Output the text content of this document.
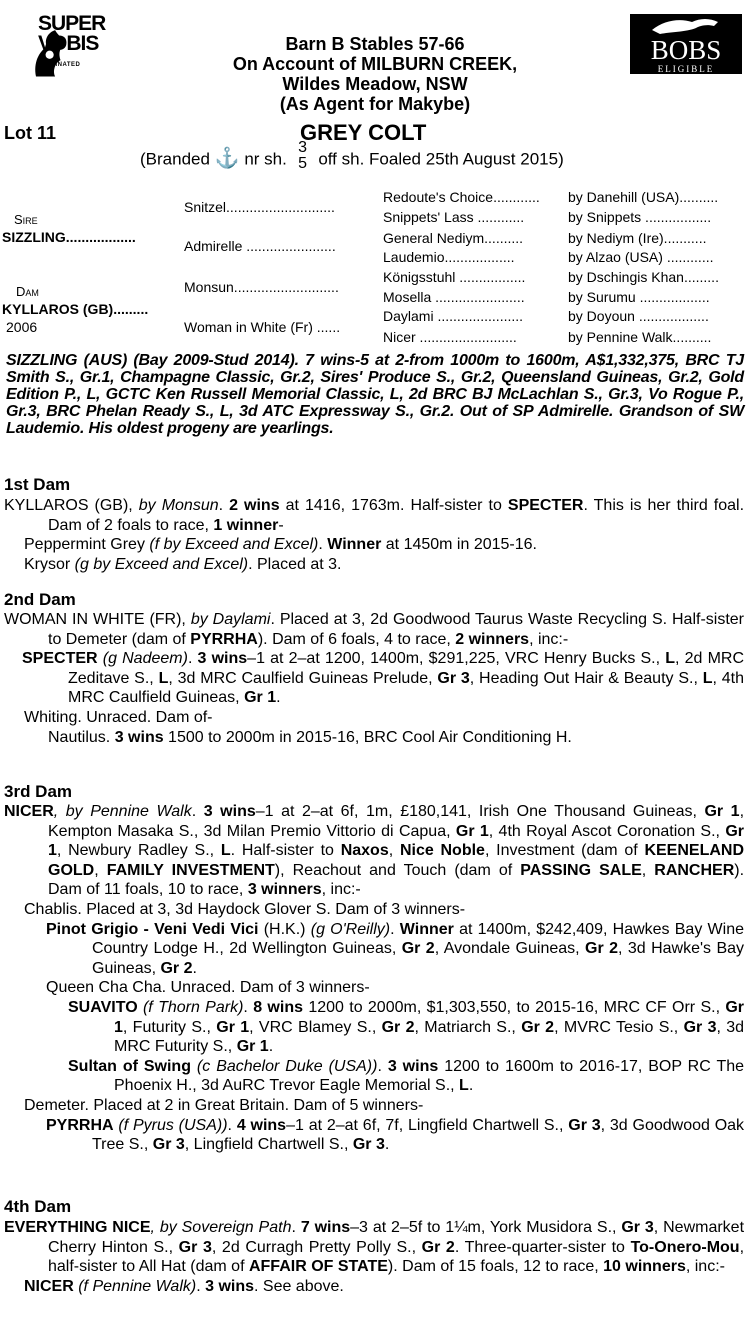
SUPER
VOBIS
NOMINATED	BOBS
ELIGIBLE
Barn B Stables 57-66
On Account of MILBURN CREEK,
Wildes Meadow, NSW
(As Agent for Makybe)
Lot 11	GREY COLT
(Branded ⚓ nr sh.
3
5 off sh. Foaled 25th August 2015)
Sire
SIZZLING..................
Dam
KYLLAROS (GB).........
2006
Snitzel............................
Admirelle .......................
Monsun...........................
Woman in White (Fr) ......
Redoute's Choice............
Snippets' Lass ............
General Nediym..........
Laudemio..................
Königsstuhl .................
Mosella .......................
Daylami ......................
Nicer .........................
by Danehill (USA)..........
by Snippets .................
by Nediym (Ire)...........
by Alzao (USA) ............
by Dschingis Khan.........
by Surumu ..................
by Doyoun ..................
by Pennine Walk..........
SIZZLING (AUS) (Bay 2009-Stud 2014). 7 wins-5 at 2-from 1000m to 1600m, A$1,332,375, BRC TJ Smith S., Gr.1, Champagne Classic, Gr.2, Sires' Produce S., Gr.2, Queensland Guineas, Gr.2, Gold Edition P., L, GCTC Ken Russell Memorial Classic, L, 2d BRC BJ McLachlan S., Gr.3, Vo Rogue P., Gr.3, BRC Phelan Ready S., L, 3d ATC Expressway S., Gr.2. Out of SP Admirelle. Grandson of SW Laudemio. His oldest progeny are yearlings.
1st Dam

KYLLAROS (GB), by Monsun. 2 wins at 1416, 1763m. Half-sister to SPECTER. This is her third foal. Dam of 2 foals to race, 1 winner-

Peppermint Grey (f by Exceed and Excel). Winner at 1450m in 2015-16.

Krysor (g by Exceed and Excel). Placed at 3.

2nd Dam

WOMAN IN WHITE (FR), by Daylami. Placed at 3, 2d Goodwood Taurus Waste Recycling S. Half-sister to Demeter (dam of PYRRHA). Dam of 6 foals, 4 to race, 2 winners, inc:-

SPECTER (g Nadeem). 3 wins–1 at 2–at 1200, 1400m, $291,225, VRC Henry Bucks S., L, 2d MRC Zeditave S., L, 3d MRC Caulfield Guineas Prelude, Gr 3, Heading Out Hair & Beauty S., L, 4th MRC Caulfield Guineas, Gr 1.

Whiting. Unraced. Dam of-

Nautilus. 3 wins 1500 to 2000m in 2015-16, BRC Cool Air Conditioning H.

3rd Dam

NICER, by Pennine Walk. 3 wins–1 at 2–at 6f, 1m, £180,141, Irish One Thousand Guineas, Gr 1, Kempton Masaka S., 3d Milan Premio Vittorio di Capua, Gr 1, 4th Royal Ascot Coronation S., Gr 1, Newbury Radley S., L. Half-sister to Naxos, Nice Noble, Investment (dam of KEENELAND GOLD, FAMILY INVESTMENT), Reachout and Touch (dam of PASSING SALE, RANCHER). Dam of 11 foals, 10 to race, 3 winners, inc:-

Chablis. Placed at 3, 3d Haydock Glover S. Dam of 3 winners-

Pinot Grigio - Veni Vedi Vici (H.K.) (g O'Reilly). Winner at 1400m, $242,409, Hawkes Bay Wine Country Lodge H., 2d Wellington Guineas, Gr 2, Avondale Guineas, Gr 2, 3d Hawke's Bay Guineas, Gr 2.

Queen Cha Cha. Unraced. Dam of 3 winners-

SUAVITO (f Thorn Park). 8 wins 1200 to 2000m, $1,303,550, to 2015-16, MRC CF Orr S., Gr 1, Futurity S., Gr 1, VRC Blamey S., Gr 2, Matriarch S., Gr 2, MVRC Tesio S., Gr 3, 3d MRC Futurity S., Gr 1.

Sultan of Swing (c Bachelor Duke (USA)). 3 wins 1200 to 1600m to 2016-17, BOP RC The Phoenix H., 3d AuRC Trevor Eagle Memorial S., L.

Demeter. Placed at 2 in Great Britain. Dam of 5 winners-

PYRRHA (f Pyrus (USA)). 4 wins–1 at 2–at 6f, 7f, Lingfield Chartwell S., Gr 3, 3d Goodwood Oak Tree S., Gr 3, Lingfield Chartwell S., Gr 3.

4th Dam

EVERYTHING NICE, by Sovereign Path. 7 wins–3 at 2–5f to 1¼m, York Musidora S., Gr 3, Newmarket Cherry Hinton S., Gr 3, 2d Curragh Pretty Polly S., Gr 2. Three-quarter-sister to To-Onero-Mou, half-sister to All Hat (dam of AFFAIR OF STATE). Dam of 15 foals, 12 to race, 10 winners, inc:-

NICER (f Pennine Walk). 3 wins. See above.
